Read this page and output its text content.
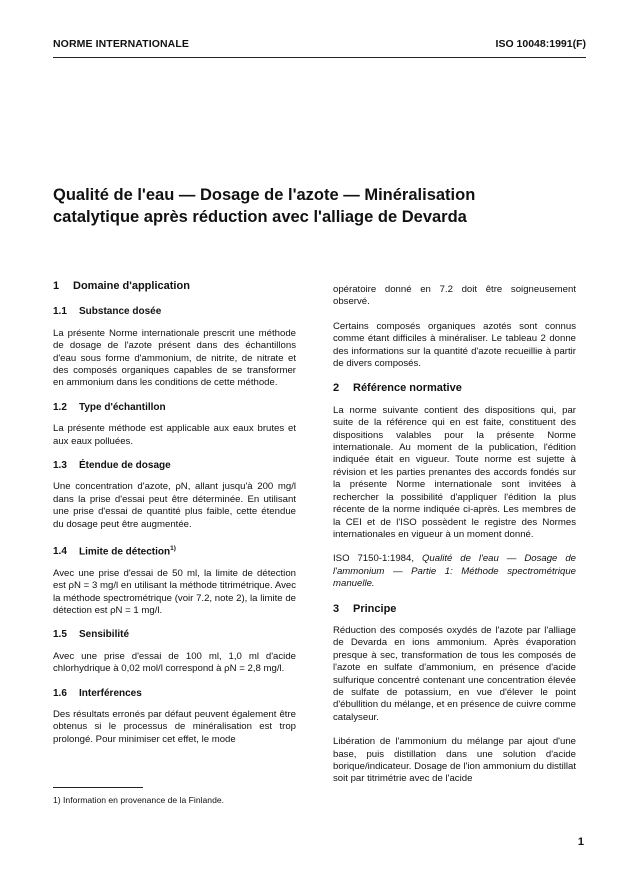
NORME INTERNATIONALE	ISO 10048:1991(F)
Qualité de l'eau — Dosage de l'azote — Minéralisation
catalytique après réduction avec l'alliage de Devarda
1 Domaine d'application
1.1 Substance dosée

La présente Norme internationale prescrit une méthode de dosage de l'azote présent dans des échantillons d'eau sous forme d'ammonium, de nitrite, de nitrate et des composés organiques capables de se transformer en ammonium dans les conditions de cette méthode.

1.2 Type d'échantillon

La présente méthode est applicable aux eaux brutes et aux eaux polluées.

1.3 Étendue de dosage

Une concentration d'azote, ρN, allant jusqu'à 200 mg/l dans la prise d'essai peut être déterminée. En utilisant une prise d'essai de quantité plus faible, cette étendue du dosage peut être augmentée.

1.4 Limite de détection$^{1)}$

Avec une prise d'essai de 50 ml, la limite de détection est ρN = 3 mg/l en utilisant la méthode titrimétrique. Avec la méthode spectrométrique (voir 7.2, note 2), la limite de détection est ρN = 1 mg/l.

1.5 Sensibilité

Avec une prise d'essai de 100 ml, 1,0 ml d'acide chlorhydrique à 0,02 mol/l correspond à ρN = 2,8 mg/l.

1.6 Interférences

Des résultats erronés par défaut peuvent également être obtenus si le processus de minéralisation est trop prolongé. Pour minimiser cet effet, le mode

opératoire donné en 7.2 doit être soigneusement observé.

Certains composés organiques azotés sont connus comme étant difficiles à minéraliser. Le tableau 2 donne des informations sur la quantité d'azote recueillie à partir de divers composés.

2 Référence normative

La norme suivante contient des dispositions qui, par suite de la référence qui en est faite, constituent des dispositions valables pour la présente Norme internationale. Au moment de la publication, l'édition indiquée était en vigueur. Toute norme est sujette à révision et les parties prenantes des accords fondés sur la présente Norme internationale sont invitées à rechercher la possibilité d'appliquer l'édition la plus récente de la norme indiquée ci-après. Les membres de la CEI et de l'ISO possèdent le registre des Normes internationales en vigueur à un moment donné.

ISO 7150-1:1984, Qualité de l'eau — Dosage de l'ammonium — Partie 1: Méthode spectrométrique manuelle.

3 Principe

Réduction des composés oxydés de l'azote par l'alliage de Devarda en ions ammonium. Après évaporation presque à sec, transformation de tous les composés de l'azote en sulfate d'ammonium, en présence d'acide sulfurique concentré contenant une concentration élevée de sulfate de potassium, en vue d'élever le point d'ébullition du mélange, et en présence de cuivre comme catalyseur.

Libération de l'ammonium du mélange par ajout d'une base, puis distillation dans une solution d'acide borique/indicateur. Dosage de l'ion ammonium du distillat soit par titrimétrie avec de l'acide

1) Information en provenance de la Finlande.
1
